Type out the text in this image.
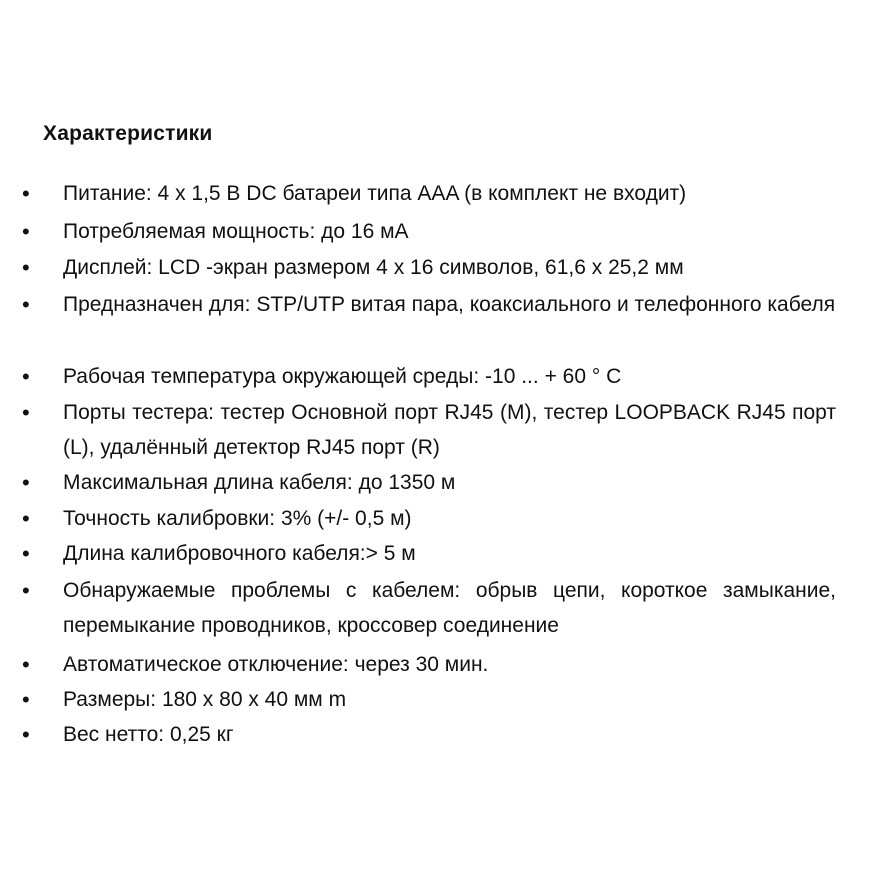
Характеристики
• Питание: 4 x 1,5 В DC батареи типа AAA (в комплект не входит)
• Потребляемая мощность: до 16 мА
• Дисплей: LCD -экран размером 4 x 16 символов, 61,6 x 25,2 мм
• Предназначен для: STP/UTP витая пара, коаксиального и телефонного кабеля
• Рабочая температура окружающей среды: -10 ... + 60 ° С
• Порты тестера: тестер Основной порт RJ45 (M), тестер LOOPBACK RJ45 порт (L), удалённый детектор RJ45 порт (R)
• Максимальная длина кабеля: до 1350 м
• Точность калибровки: 3% (+/- 0,5 м)
• Длина калибровочного кабеля:> 5 м
• Обнаружаемые проблемы с кабелем: обрыв цепи, короткое замыкание, перемыкание проводников, кроссовер соединение
• Автоматическое отключение: через 30 мин.
• Размеры: 180 x 80 x 40 мм m
• Вес нетто: 0,25 кг
